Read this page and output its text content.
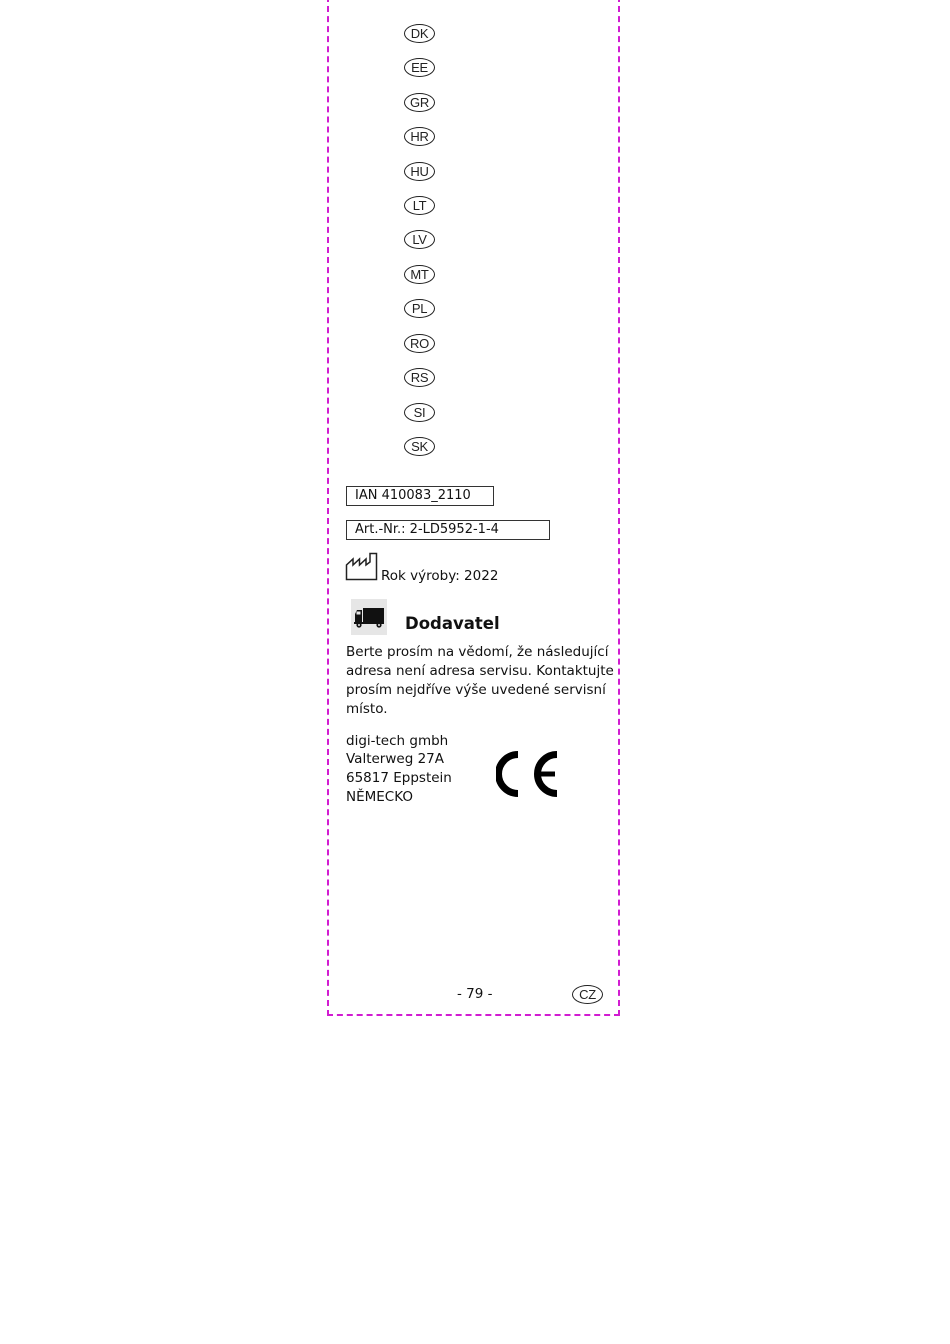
DK
EE
GR
HR
HU
LT
LV
MT
PL
RO
RS
SI
SK
IAN 410083_2110
Art.-Nr.: 2-LD5952-1-4
Rok výroby: 2022
Dodavatel
Berte prosím na vědomí, že následující
adresa není adresa servisu. Kontaktujte
prosím nejdříve výše uvedené servisní
místo.
digi-tech gmbh
Valterweg 27A
65817 Eppstein
NĚMECKO
- 79 -	CZ
